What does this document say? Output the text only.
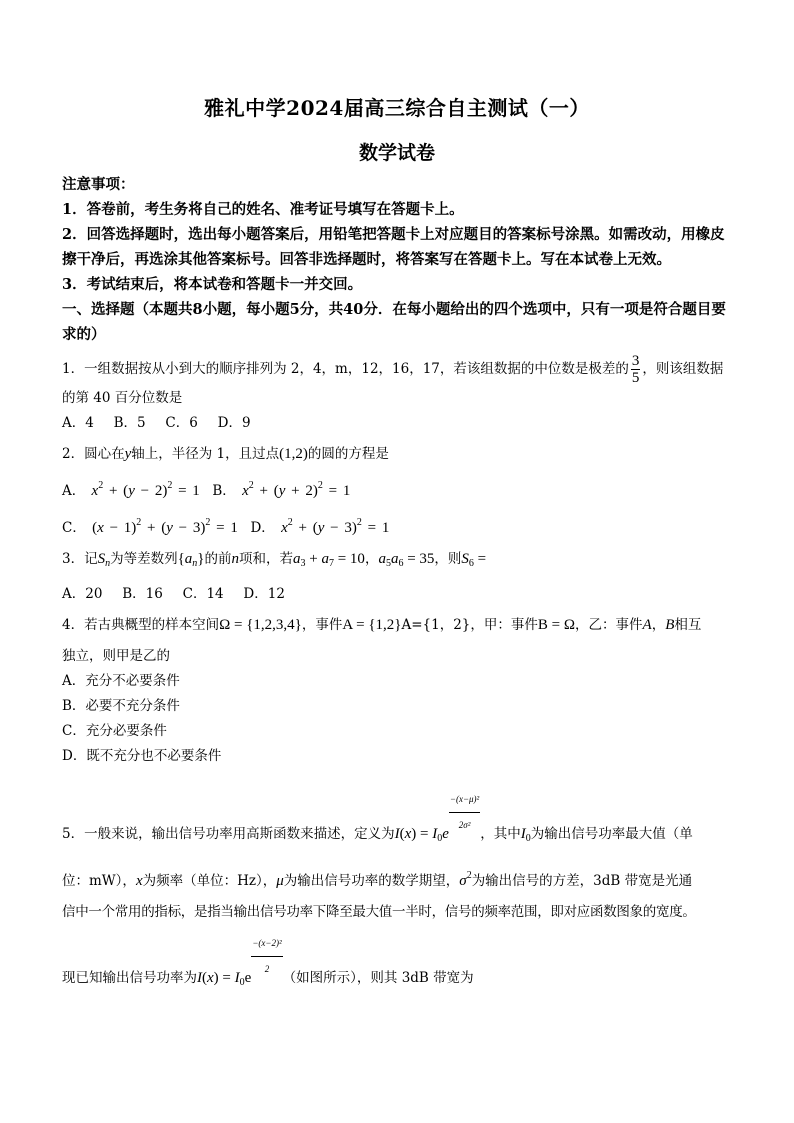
雅礼中学2024届高三综合自主测试（一）
数学试卷

注意事项：

1．答卷前，考生务将自己的姓名、准考证号填写在答题卡上。

2．回答选择题时，选出每小题答案后，用铅笔把答题卡上对应题目的答案标号涂黑。如需改动，用橡皮擦干净后，再选涂其他答案标号。回答非选择题时，将答案写在答题卡上。写在本试卷上无效。

3．考试结束后，将本试卷和答题卡一并交回。

一、选择题（本题共8小题，每小题5分，共40分．在每小题给出的四个选项中，只有一项是符合题目要求的）

1．一组数据按从小到大的顺序排列为 2，4，m，12，16，17，若该组数据的中位数是极差的 $\frac{3}{5}$ ，则该组数据

的第 40 百分位数是

A．4　 B．5　 C．6　 D．9

2．圆心在y轴上，半径为 1，且过点(1,2)的圆的方程是

A． $x^2 + (y - 2)^2 = 1$ B． $x^2 + (y + 2)^2 = 1$

C． $(x - 1)^2 + (y - 3)^2 = 1$ D． $x^2 + (y - 3)^2 = 1$

3．记$S_n$为等差数列$\{a_n\}$的前n项和，若$a_3 + a_7 = 10$，$a_5a_6 = 35$，则$S_6$ =

A．20　 B．16　 C．14　 D．12

4．若古典概型的样本空间Ω = {1,2,3,4}，事件A = {1,2}A={1，2}，甲：事件B = Ω，乙：事件A，B相互

独立，则甲是乙的

A．充分不必要条件

B．必要不充分条件

C．充分必要条件

D．既不充分也不必要条件

5．一般来说，输出信号功率用高斯函数来描述，定义为$I(x) = I_0e \frac{\text{−(x−μ)²}}{\text{2σ²}}$ ，其中$I_0$为输出信号功率最大值（单

位：mW），x为频率（单位：Hz），μ为输出信号功率的数学期望，$\sigma^2$为输出信号的方差，3dB 带宽是光通

信中一个常用的指标，是指当输出信号功率下降至最大值一半时，信号的频率范围，即对应函数图象的宽度。

现已知输出信号功率为$I(x) = I_0e \frac{\text{−(x−2)²}}{2}$ （如图所示），则其 3dB 带宽为
